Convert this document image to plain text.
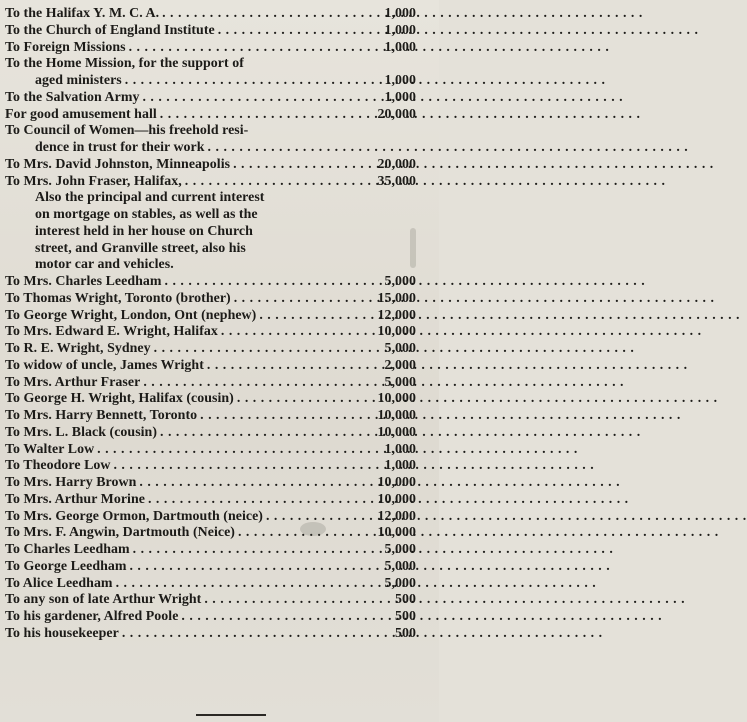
To the Halifax Y. M. C. A. . . .	1,000
To the Church of England Institute . . .	1,000
To Foreign Missions . . .	1,000
To the Home Mission, for the support of
aged ministers . . .	1,000
To the Salvation Army . . .	1,000
For good amusement hall . . .	20,000
To Council of Women—his freehold resi-
dence in trust for their work
. . .
To Mrs. David Johnston, Minneapolis . . .	20,000
To Mrs. John Fraser, Halifax, . . .	35,000
Also the principal and current interest
on mortgage on stables, as well as the
interest held in her house on Church
street, and Granville street, also his
motor car and vehicles.
To Mrs. Charles Leedham . . .	5,000
To Thomas Wright, Toronto (brother) . . .	15,000
To George Wright, London, Ont (nephew) . . .	12,000
To Mrs. Edward E. Wright, Halifax . . .	10,000
To R. E. Wright, Sydney . . .	5,000
To widow of uncle, James Wright . . .	2,000
To Mrs. Arthur Fraser . . .	5,000
To George H. Wright, Halifax (cousin) . . .	10,000
To Mrs. Harry Bennett, Toronto . . .	10,000
To Mrs. L. Black (cousin) . . .	10,000
To Walter Low . . .	1,000
To Theodore Low . . .	1,000
To Mrs. Harry Brown . . .	10,000
To Mrs. Arthur Morine . . .	10,000
To Mrs. George Ormon, Dartmouth (neice) . . .	12,000
To Mrs. F. Angwin, Dartmouth (Neice) . . .	10,000
To Charles Leedham . . .	5,000
To George Leedham . . .	5,000
To Alice Leedham . . .	5,000
To any son of late Arthur Wright . . .	500
To his gardener, Alfred Poole . . .	500
To his housekeeper . . .	500
